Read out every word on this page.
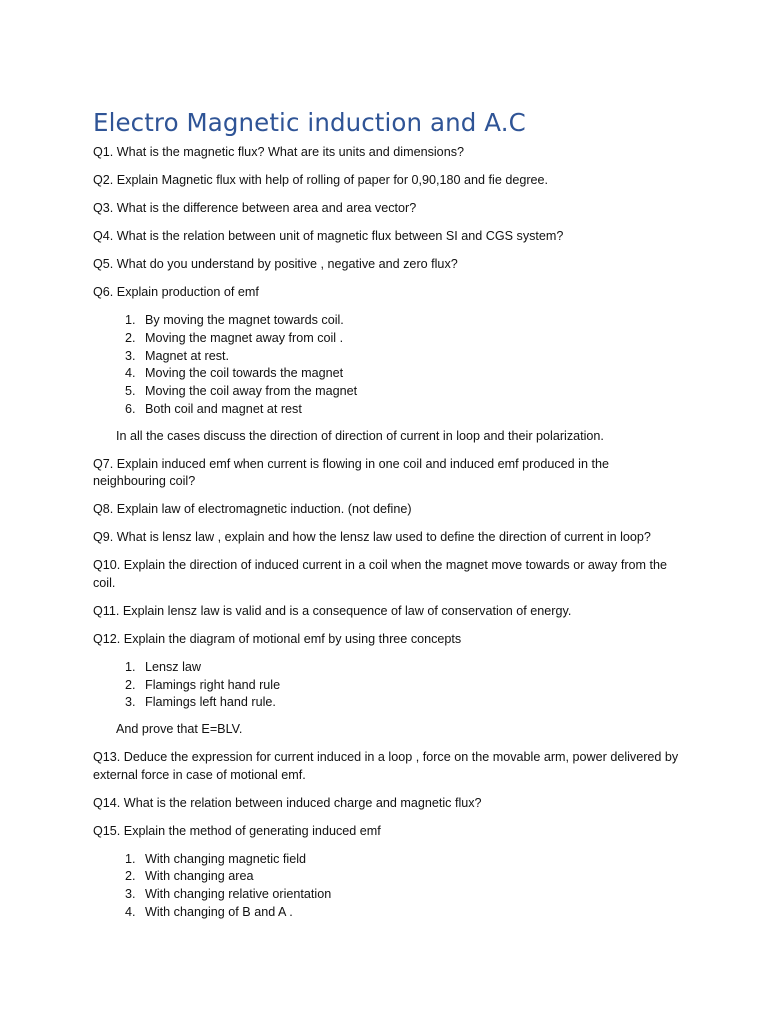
Electro Magnetic induction and A.C

Q1. What is the magnetic flux? What are its units and dimensions?

Q2. Explain Magnetic flux with help of rolling of paper for 0,90,180 and fie degree.

Q3. What is the difference between area and area vector?

Q4. What is the relation between unit of magnetic flux between SI and CGS system?

Q5. What do you understand by positive , negative and zero flux?

Q6. Explain production of emf

1. By moving the magnet towards coil.
2. Moving the magnet away from coil .
3. Magnet at rest.
4. Moving the coil towards the magnet
5. Moving the coil away from the magnet
6. Both coil and magnet at rest

In all the cases discuss the direction of direction of current in loop and their polarization.

Q7. Explain induced emf when current is flowing in one coil and induced emf produced in the neighbouring coil?

Q8. Explain law of electromagnetic induction. (not define)

Q9. What is lensz law , explain and how the lensz law used to define the direction of current in loop?

Q10. Explain the direction of induced current in a coil when the magnet move towards or away from the coil.

Q11. Explain lensz law is valid and is a consequence of law of conservation of energy.

Q12. Explain the diagram of motional emf by using three concepts

1. Lensz law
2. Flamings right hand rule
3. Flamings left hand rule.

And prove that E=BLV.

Q13. Deduce the expression for current induced in a loop , force on the movable arm, power delivered by external force in case of motional emf.

Q14. What is the relation between induced charge and magnetic flux?

Q15. Explain the method of generating induced emf

1. With changing magnetic field
2. With changing area
3. With changing relative orientation
4. With changing of B and A .
